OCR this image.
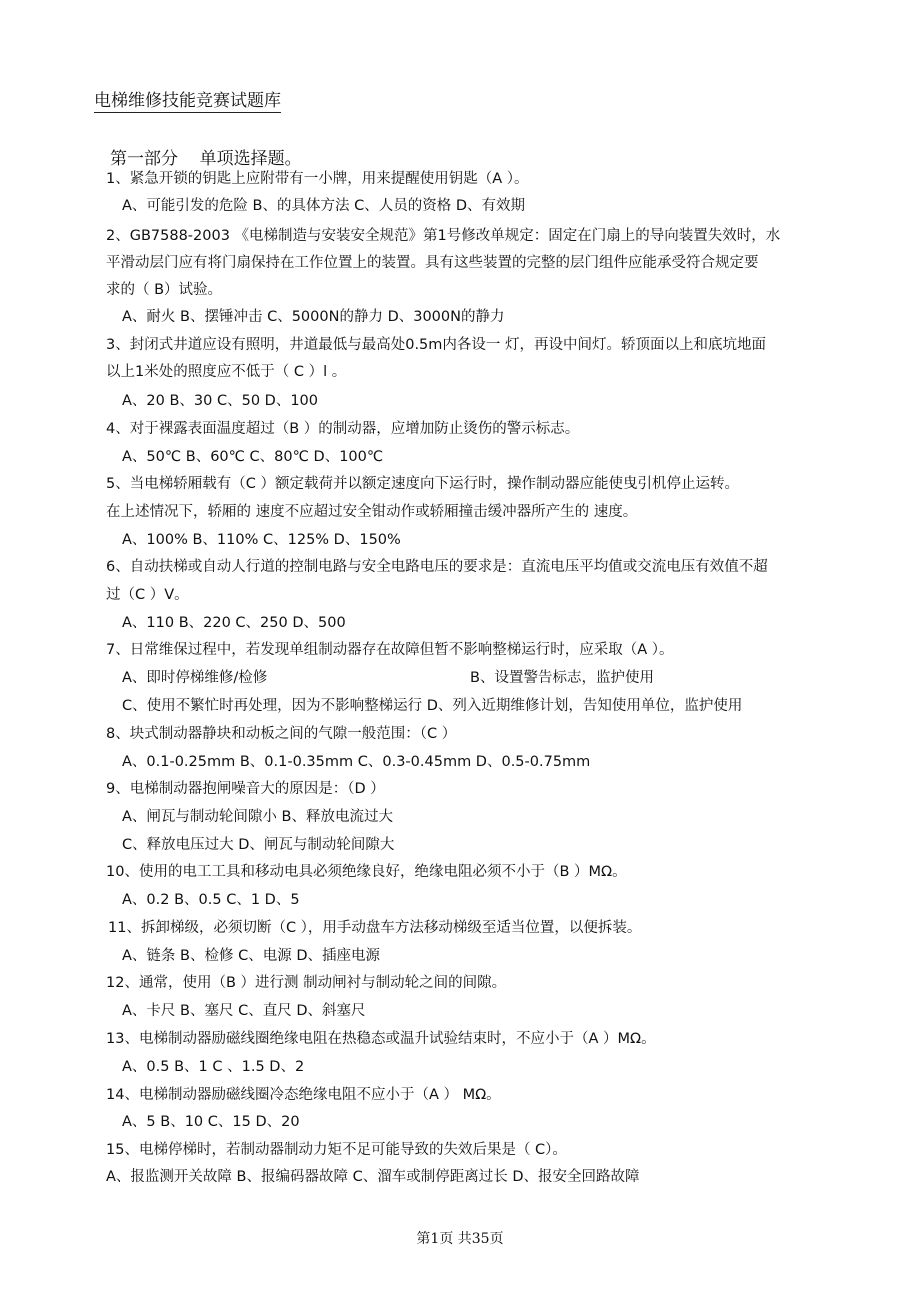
电梯维修技能竞赛试题库
第一部分    单项选择题。
1、紧急开锁的钥匙上应附带有一小牌，用来提醒使用钥匙（A ）。
A、可能引发的危险 B、的具体方法 C、人员的资格 D、有效期
2、GB7588-2003 《电梯制造与安装安全规范》第1号修改单规定：固定在门扇上的导向装置失效时，水
平滑动层门应有将门扇保持在工作位置上的装置。具有这些装置的完整的层门组件应能承受符合规定要
求的（ B）试验。
A、耐火 B、摆锤冲击 C、5000N的静力 D、3000N的静力
3、封闭式井道应设有照明，井道最低与最高处0.5m内各设一 灯，再设中间灯。轿顶面以上和底坑地面
以上1米处的照度应不低于（ C ）l 。
A、20 B、30 C、50 D、100
4、对于裸露表面温度超过（B ）的制动器，应增加防止烫伤的警示标志。
A、50℃ B、60℃ C、80℃ D、100℃
5、当电梯轿厢载有（C ）额定载荷并以额定速度向下运行时，操作制动器应能使曳引机停止运转。
在上述情况下，轿厢的 速度不应超过安全钳动作或轿厢撞击缓冲器所产生的 速度。
A、100% B、110% C、125% D、150%
6、自动扶梯或自动人行道的控制电路与安全电路电压的要求是：直流电压平均值或交流电压有效值不超
过（C ）V。
A、110 B、220 C、250 D、500
7、日常维保过程中，若发现单组制动器存在故障但暂不影响整梯运行时，应采取（A ）。
A、即时停梯维修/检修	B、设置警告标志，监护使用
C、使用不繁忙时再处理，因为不影响整梯运行 D、列入近期维修计划，告知使用单位，监护使用
8、块式制动器静块和动板之间的气隙一般范围：（C ）
A、0.1-0.25mm B、0.1-0.35mm C、0.3-0.45mm D、0.5-0.75mm
9、电梯制动器抱闸噪音大的原因是：（D ）
A、闸瓦与制动轮间隙小 B、释放电流过大
C、释放电压过大 D、闸瓦与制动轮间隙大
10、使用的电工工具和移动电具必须绝缘良好，绝缘电阻必须不小于（B ）MΩ。
A、0.2 B、0.5 C、1 D、5
11、拆卸梯级，必须切断（C ），用手动盘车方法移动梯级至适当位置，以便拆装。
A、链条 B、检修 C、电源 D、插座电源
12、通常，使用（B ）进行测 制动闸衬与制动轮之间的间隙。
A、卡尺 B、塞尺 C、直尺 D、斜塞尺
13、电梯制动器励磁线圈绝缘电阻在热稳态或温升试验结束时，不应小于（A ）MΩ。
A、0.5 B、1 C 、1.5 D、2
14、电梯制动器励磁线圈冷态绝缘电阻不应小于（A ） MΩ。
A、5 B、10 C、15 D、20
15、电梯停梯时，若制动器制动力矩不足可能导致的失效后果是（ C）。
A、报监测开关故障 B、报编码器故障 C、溜车或制停距离过长 D、报安全回路故障
第1页 共35页
